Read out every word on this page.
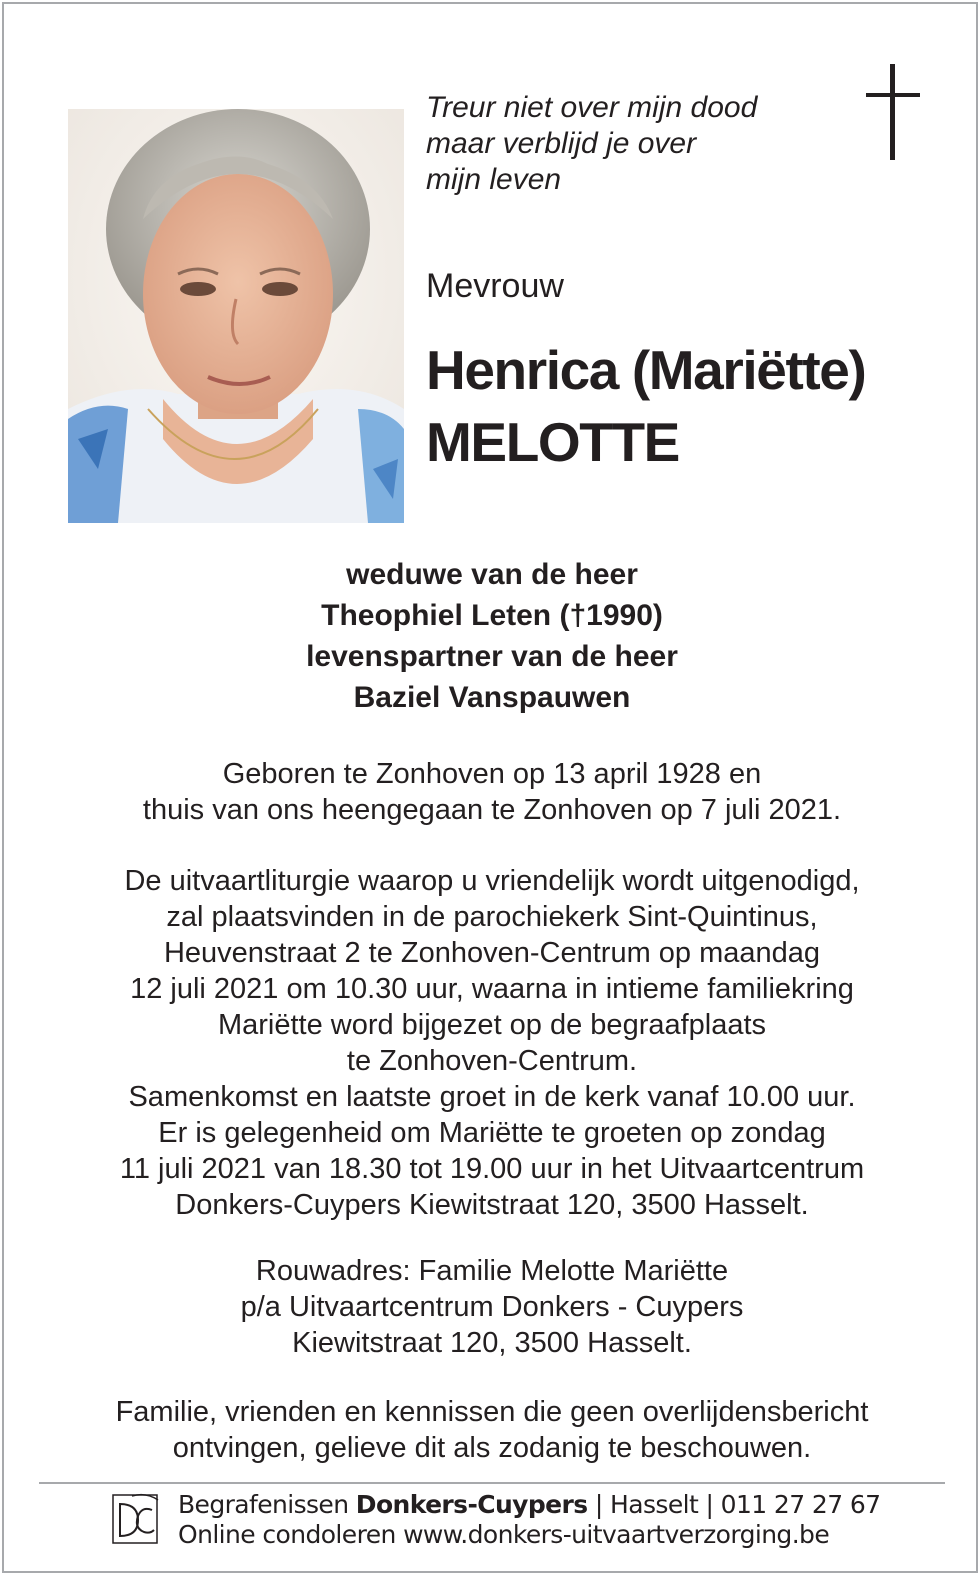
Treur niet over mijn dood
maar verblijd je over
mijn leven
Mevrouw
Henrica (Mariëtte)
MELOTTE
weduwe van de heer
Theophiel Leten (†1990)
levenspartner van de heer
Baziel Vanspauwen
Geboren te Zonhoven op 13 april 1928 en
thuis van ons heengegaan te Zonhoven op 7 juli 2021.
De uitvaartliturgie waarop u vriendelijk wordt uitgenodigd,
zal plaatsvinden in de parochiekerk Sint-Quintinus,
Heuvenstraat 2 te Zonhoven-Centrum op maandag
12 juli 2021 om 10.30 uur, waarna in intieme familiekring
Mariëtte word bijgezet op de begraafplaats
te Zonhoven-Centrum.
Samenkomst en laatste groet in de kerk vanaf 10.00 uur.
Er is gelegenheid om Mariëtte te groeten op zondag
11 juli 2021 van 18.30 tot 19.00 uur in het Uitvaartcentrum
Donkers-Cuypers Kiewitstraat 120, 3500 Hasselt.
Rouwadres: Familie Melotte Mariëtte
p/a Uitvaartcentrum Donkers - Cuypers
Kiewitstraat 120, 3500 Hasselt.
Familie, vrienden en kennissen die geen overlijdensbericht
ontvingen, gelieve dit als zodanig te beschouwen.
Begrafenissen Donkers-Cuypers | Hasselt | 011 27 27 67
Online condoleren www.donkers-uitvaartverzorging.be
